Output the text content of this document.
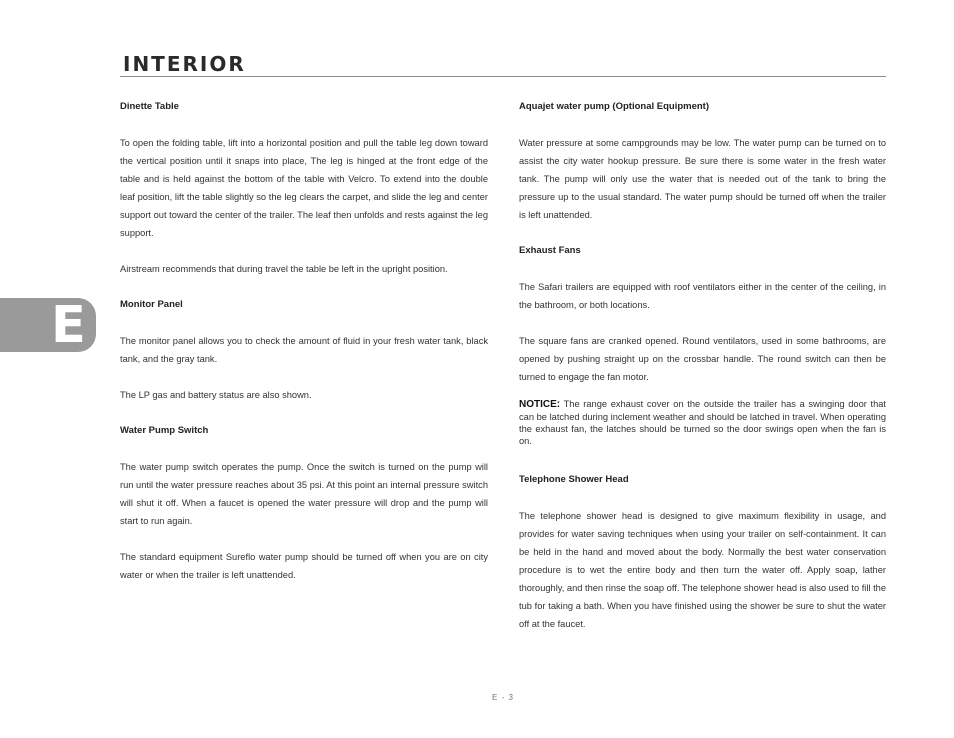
INTERIOR
E
Dinette Table
To open the folding table, lift into a horizontal position and pull the table leg down toward the vertical position until it snaps into place, The leg is hinged at the front edge of the table and is held against the bottom of the table with Velcro. To extend into the double leaf position, lift the table slightly so the leg clears the carpet, and slide the leg and center support out toward the center of the trailer. The leaf then unfolds and rests against the leg support.
Airstream recommends that during travel the table be left in the upright position.
Monitor Panel
The monitor panel allows you to check the amount of fluid in your fresh water tank, black tank, and the gray tank.
The LP gas and battery status are also shown.
Water Pump Switch
The water pump switch operates the pump. Once the switch is turned on the pump will run until the water pressure reaches about 35 psi. At this point an internal pressure switch will shut it off. When a faucet is opened the water pressure will drop and the pump will start to run again.
The standard equipment Sureflo water pump should be turned off when you are on city water or when the trailer is left unattended.
Aquajet water pump (Optional Equipment)
Water pressure at some campgrounds may be low. The water pump can be turned on to assist the city water hookup pressure. Be sure there is some water in the fresh water tank. The pump will only use the water that is needed out of the tank to bring the pressure up to the usual standard. The water pump should be turned off when the trailer is left unattended.
Exhaust Fans
The Safari trailers are equipped with roof ventilators either in the center of the ceiling, in the bathroom, or both locations.
The square fans are cranked opened. Round ventilators, used in some bathrooms, are opened by pushing straight up on the crossbar handle. The round switch can then be turned to engage the fan motor.
NOTICE: The range exhaust cover on the outside the trailer has a swinging door that can be latched during inclement weather and should be latched in travel. When operating the exhaust fan, the latches should be turned so the door swings open when the fan is on.
Telephone Shower Head
The telephone shower head is designed to give maximum flexibility in usage, and provides for water saving techniques when using your trailer on self-containment. It can be held in the hand and moved about the body. Normally the best water conservation procedure is to wet the entire body and then turn the water off. Apply soap, lather thoroughly, and then rinse the soap off. The telephone shower head is also used to fill the tub for taking a bath. When you have finished using the shower be sure to shut the water off at the faucet.
E - 3
